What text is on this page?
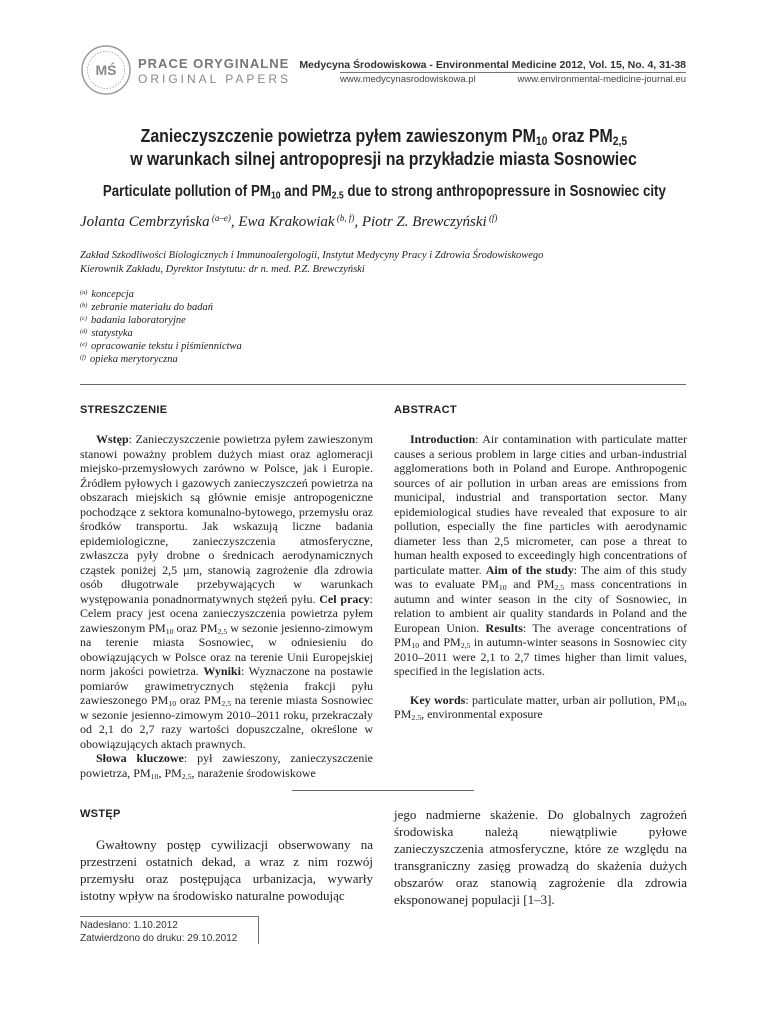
MŚ PRACE ORYGINALNE
ORIGINAL PAPERS
Medycyna Środowiskowa - Environmental Medicine 2012, Vol. 15, No. 4, 31-38
www.medycynasrodowiskowa.pl	www.environmental-medicine-journal.eu
Zanieczyszczenie powietrza pyłem zawieszonym $PM_{10}$ oraz $PM_{2,5}$
w warunkach silnej antropopresji na przykładzie miasta Sosnowiec
Particulate pollution of $PM_{10}$ and $PM_{2.5}$ due to strong anthropopressure in Sosnowiec city
Jolanta Cembrzyńska $^{(a-e)}$, Ewa Krakowiak $^{(b, f)}$, Piotr Z. Brewczyński $^{(f)}$
Zakład Szkodliwości Biologicznych i Immunoalergologii, Instytut Medycyny Pracy i Zdrowia Środowiskowego
Kierownik Zakładu, Dyrektor Instytutu: dr n. med. P.Z. Brewczyński
$^{(a)}$ koncepcja
$^{(b)}$ zebranie materiału do badań
$^{(c)}$ badania laboratoryjne
$^{(d)}$ statystyka
$^{(e)}$ opracowanie tekstu i piśmiennictwa
$^{(f)}$ opieka merytoryczna
STRESZCZENIE	ABSTRACT

Wstęp: Zanieczyszczenie powietrza pyłem zawieszonym stanowi poważny problem dużych miast oraz aglomeracji miejsko-przemysłowych zarówno w Polsce, jak i Europie. Źródłem pyłowych i gazowych zanieczyszczeń powietrza na obszarach miejskich są głównie emisje antropogeniczne pochodzące z sektora komunalno-bytowego, przemysłu oraz środków transportu. Jak wskazują liczne badania epidemiologiczne, zanieczyszczenia atmosferyczne, zwłaszcza pyły drobne o średnicach aerodynamicznych cząstek poniżej 2,5 µm, stanowią zagrożenie dla zdrowia osób długotrwale przebywających w warunkach występowania ponadnormatywnych stężeń pyłu. Cel pracy: Celem pracy jest ocena zanieczyszczenia powietrza pyłem zawieszonym $PM_{10}$ oraz $PM_{2,5}$ w sezonie jesienno-zimowym na terenie miasta Sosnowiec, w odniesieniu do obowiązujących w Polsce oraz na terenie Unii Europejskiej norm jakości powietrza. Wyniki: Wyznaczone na postawie pomiarów grawimetrycznych stężenia frakcji pyłu zawieszonego $PM_{10}$ oraz $PM_{2,5}$ na terenie miasta Sosnowiec w sezonie jesienno-zimowym 2010–2011 roku, przekraczały od 2,1 do 2,7 razy wartości dopuszczalne, określone w obowiązujących aktach prawnych.

Słowa kluczowe: pył zawieszony, zanieczyszczenie powietrza, $PM_{10}$, $PM_{2,5}$, narażenie środowiskowe

Introduction: Air contamination with particulate matter causes a serious problem in large cities and urban-industrial agglomerations both in Poland and Europe. Anthropogenic sources of air pollution in urban areas are emissions from municipal, industrial and transportation sector. Many epidemiological studies have revealed that exposure to air pollution, especially the fine particles with aerodynamic diameter less than 2,5 micrometer, can pose a threat to human health exposed to exceedingly high concentrations of particulate matter. Aim of the study: The aim of this study was to evaluate $PM_{10}$ and $PM_{2,5}$ mass concentrations in autumn and winter season in the city of Sosnowiec, in relation to ambient air quality standards in Poland and the European Union. Results: The average concentrations of $PM_{10}$ and $PM_{2,5}$ in autumn-winter seasons in Sosnowiec city 2010–2011 were 2,1 to 2,7 times higher than limit values, specified in the legislation acts.

Key words: particulate matter, urban air pollution, $PM_{10}$, $PM_{2.5}$, environmental exposure

WSTĘP

Gwałtowny postęp cywilizacji obserwowany na przestrzeni ostatnich dekad, a wraz z nim rozwój przemysłu oraz postępująca urbanizacja, wywarły istotny wpływ na środowisko naturalne powodując

jego nadmierne skażenie. Do globalnych zagrożeń środowiska należą niewątpliwie pyłowe zanieczyszczenia atmosferyczne, które ze względu na transgraniczny zasięg prowadzą do skażenia dużych obszarów oraz stanowią zagrożenie dla zdrowia eksponowanej populacji [1–3].

Nadesłano: 1.10.2012
Zatwierdzono do druku: 29.10.2012
